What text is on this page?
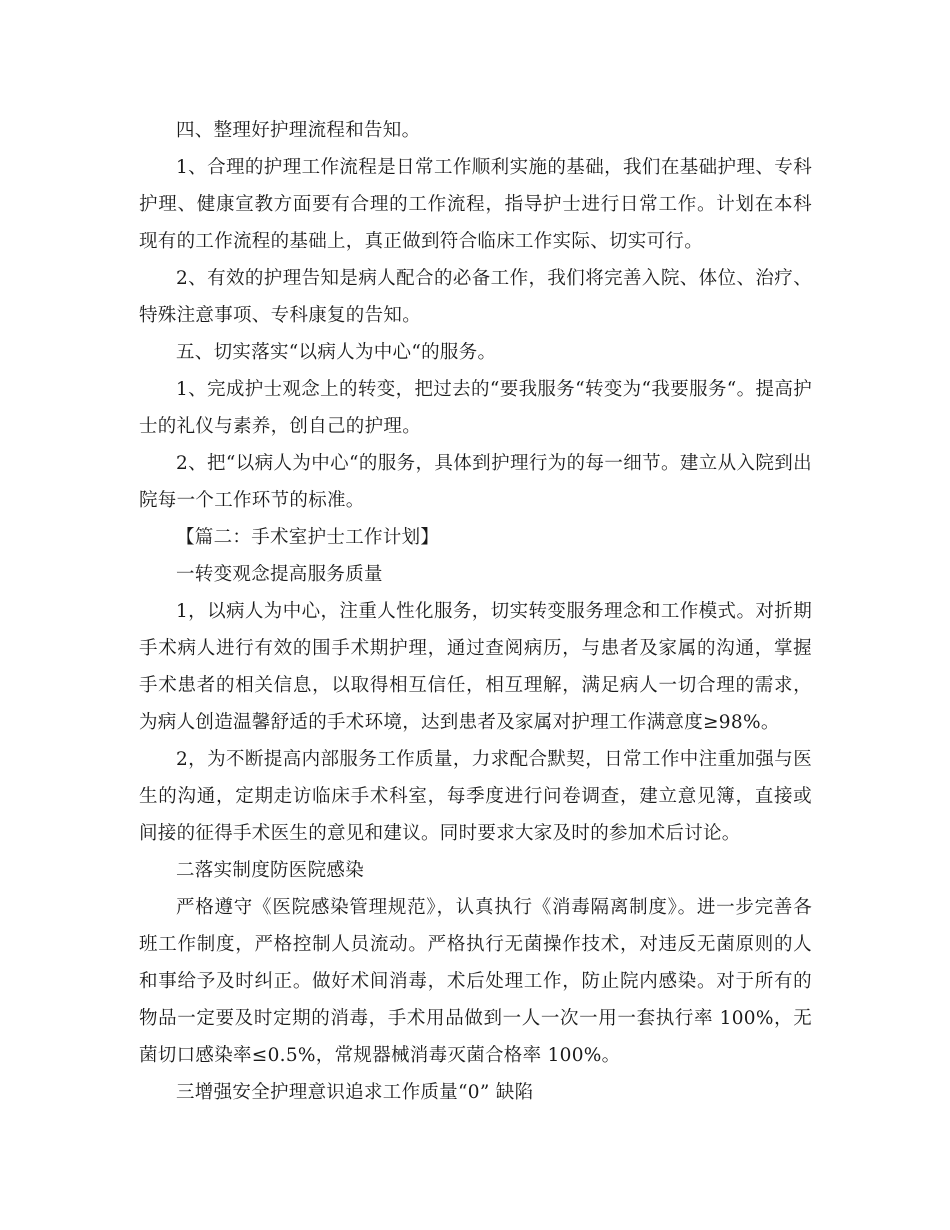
四、整理好护理流程和告知。

1、合理的护理工作流程是日常工作顺利实施的基础，我们在基础护理、专科护理、健康宣教方面要有合理的工作流程，指导护士进行日常工作。计划在本科现有的工作流程的基础上，真正做到符合临床工作实际、切实可行。

2、有效的护理告知是病人配合的必备工作，我们将完善入院、体位、治疗、特殊注意事项、专科康复的告知。

五、切实落实“以病人为中心“的服务。

1、完成护士观念上的转变，把过去的“要我服务“转变为“我要服务“。提高护士的礼仪与素养，创自己的护理。

2、把“以病人为中心“的服务，具体到护理行为的每一细节。建立从入院到出院每一个工作环节的标准。

【篇二：手术室护士工作计划】

一转变观念提高服务质量

1，以病人为中心，注重人性化服务，切实转变服务理念和工作模式。对折期手术病人进行有效的围手术期护理，通过查阅病历，与患者及家属的沟通，掌握手术患者的相关信息，以取得相互信任，相互理解，满足病人一切合理的需求，为病人创造温馨舒适的手术环境，达到患者及家属对护理工作满意度≥98%。

2，为不断提高内部服务工作质量，力求配合默契，日常工作中注重加强与医生的沟通，定期走访临床手术科室，每季度进行问卷调查，建立意见簿，直接或间接的征得手术医生的意见和建议。同时要求大家及时的参加术后讨论。

二落实制度防医院感染

严格遵守《医院感染管理规范》，认真执行《消毒隔离制度》。进一步完善各班工作制度，严格控制人员流动。严格执行无菌操作技术，对违反无菌原则的人和事给予及时纠正。做好术间消毒，术后处理工作，防止院内感染。对于所有的物品一定要及时定期的消毒，手术用品做到一人一次一用一套执行率 100%，无菌切口感染率≤0.5%，常规器械消毒灭菌合格率 100%。

三增强安全护理意识追求工作质量“0” 缺陷
